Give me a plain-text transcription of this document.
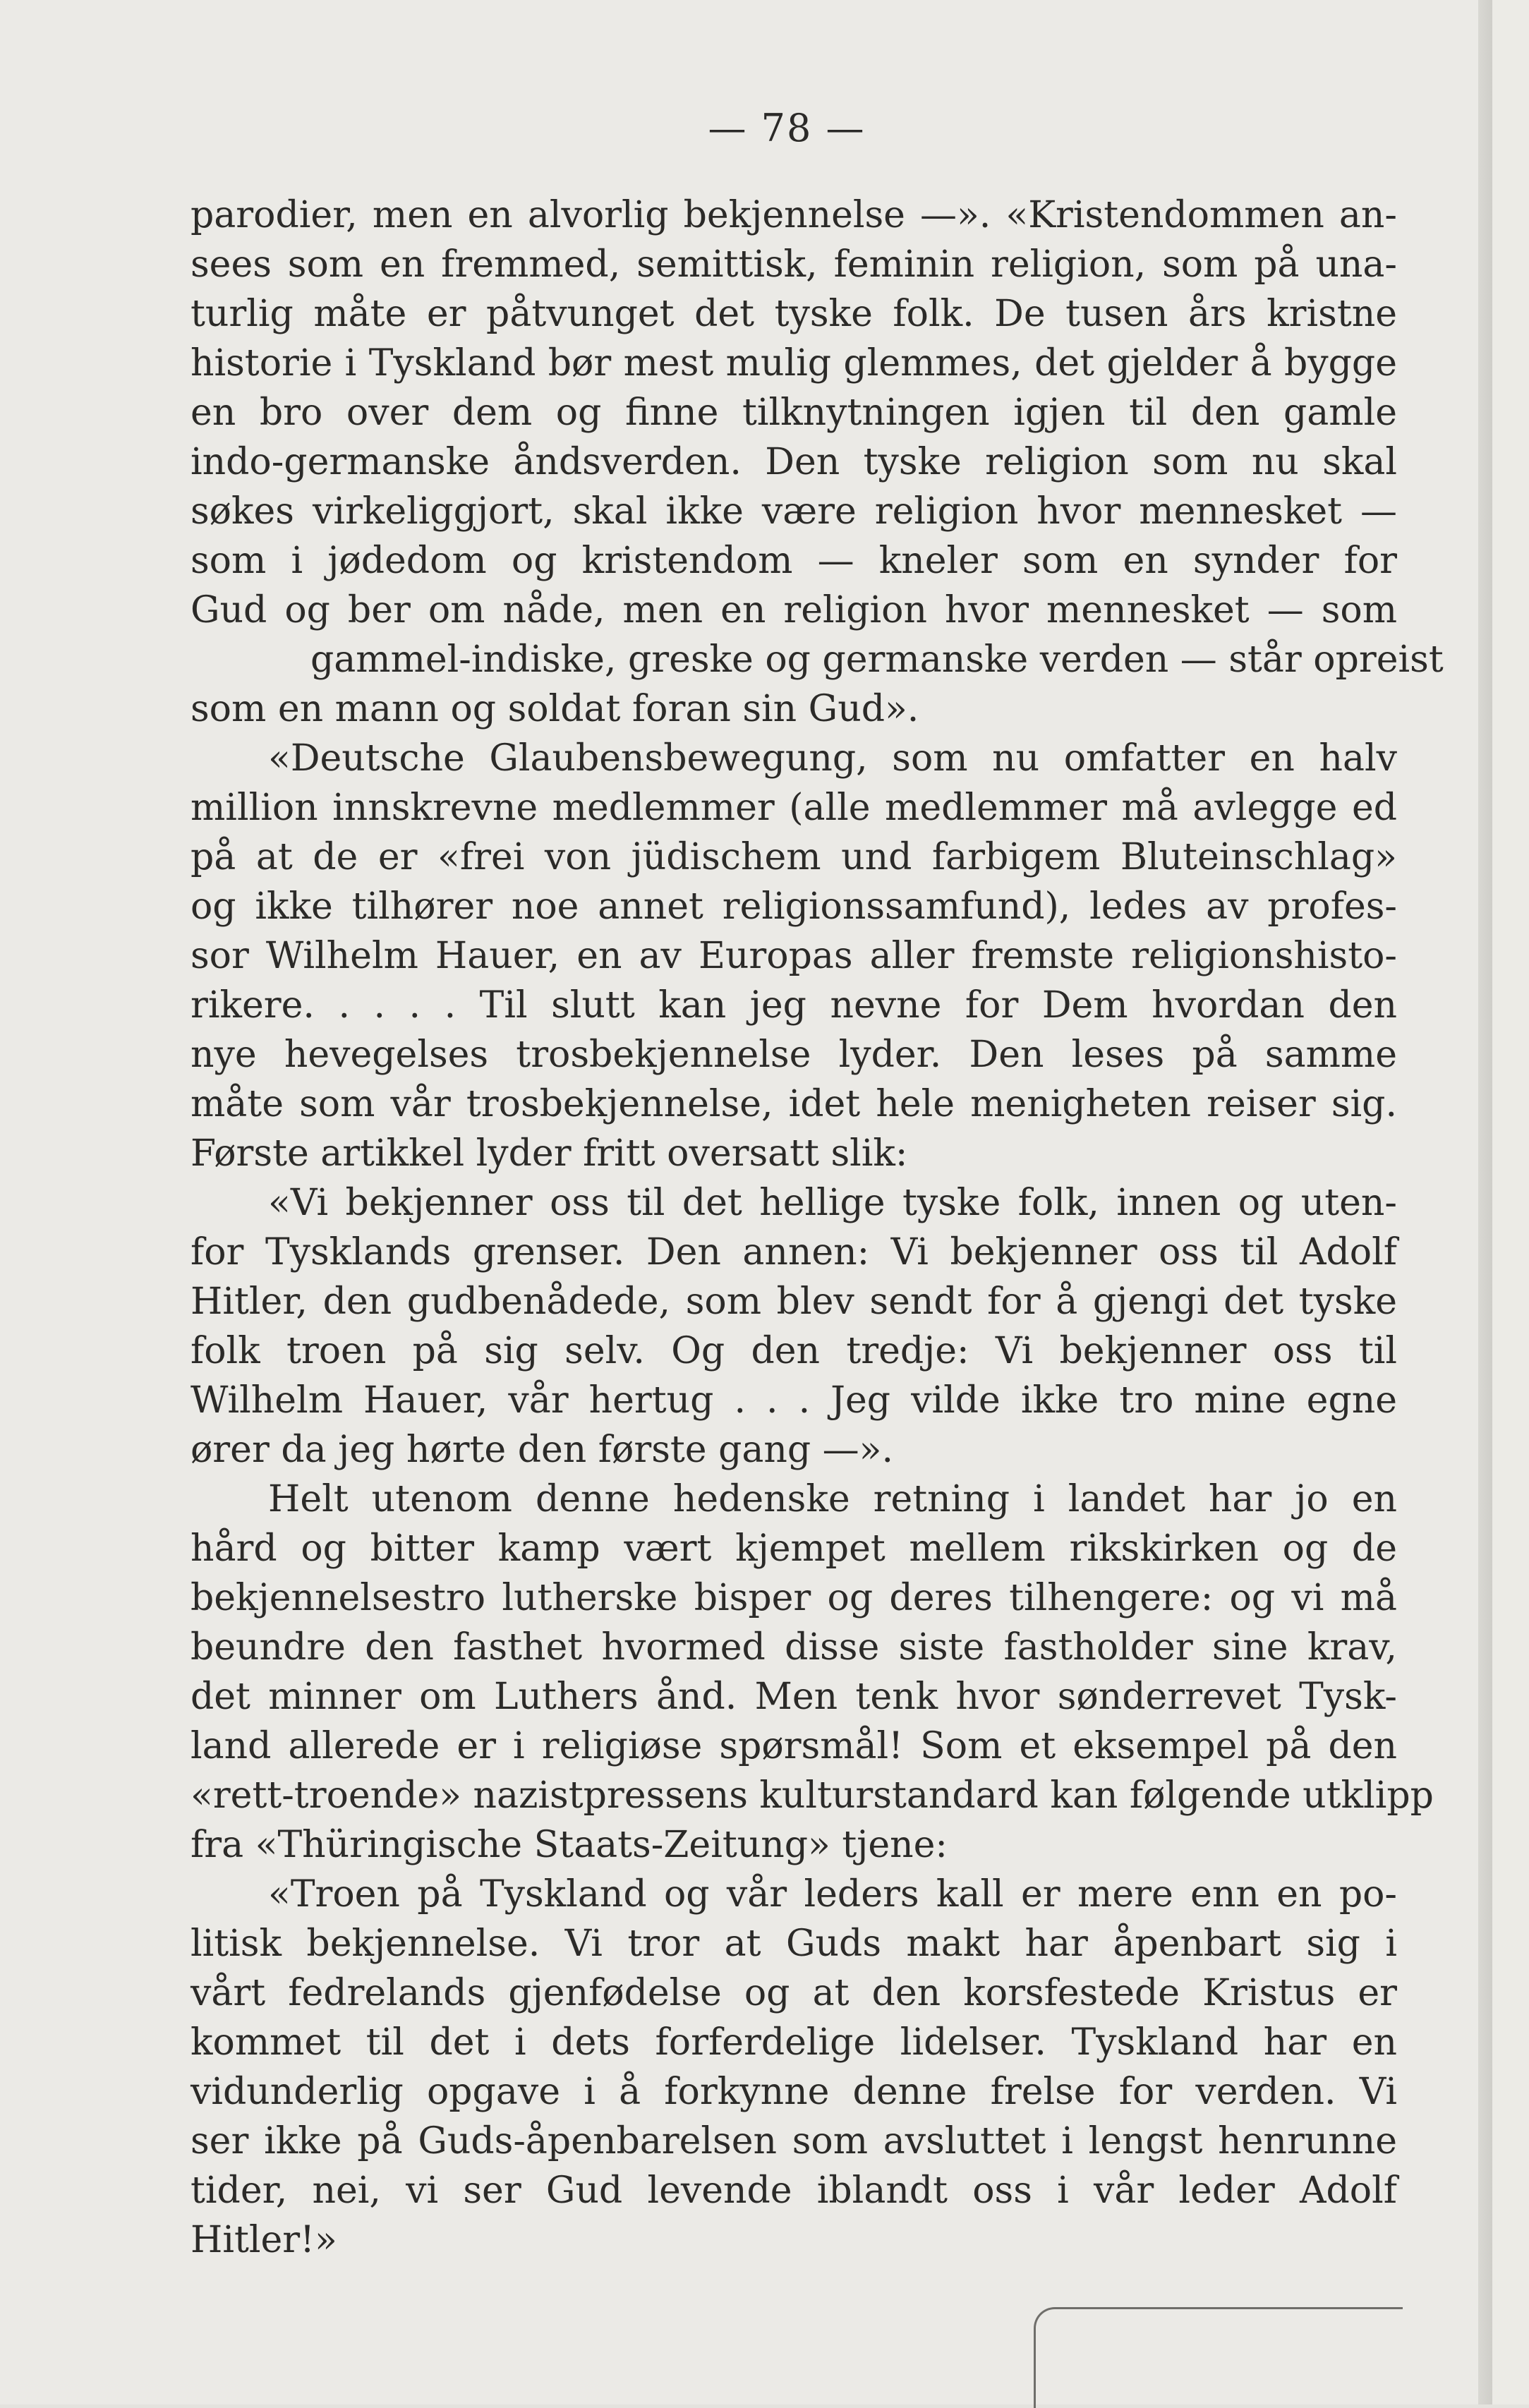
— 78 —
parodier, men en alvorlig bekjennelse —». «Kristendommen an-
sees som en fremmed, semittisk, feminin religion, som på una-
turlig måte er påtvunget det tyske folk. De tusen års kristne
historie i Tyskland bør mest mulig glemmes, det gjelder å bygge
en bro over dem og finne tilknytningen igjen til den gamle
indo-germanske åndsverden. Den tyske religion som nu skal
søkes virkeliggjort, skal ikke være religion hvor mennesket —
som i jødedom og kristendom — kneler som en synder for
Gud og ber om nåde, men en religion hvor mennesket — som
gammel-indiske, greske og germanske verden — står opreist
som en mann og soldat foran sin Gud».
«Deutsche Glaubensbewegung, som nu omfatter en halv
million innskrevne medlemmer (alle medlemmer må avlegge ed
på at de er «frei von jüdischem und farbigem Bluteinschlag»
og ikke tilhører noe annet religionssamfund), ledes av profes-
sor Wilhelm Hauer, en av Europas aller fremste religionshisto-
rikere. . . . . Til slutt kan jeg nevne for Dem hvordan den
nye hevegelses trosbekjennelse lyder. Den leses på samme
måte som vår trosbekjennelse, idet hele menigheten reiser sig.
Første artikkel lyder fritt oversatt slik:
«Vi bekjenner oss til det hellige tyske folk, innen og uten-
for Tysklands grenser. Den annen: Vi bekjenner oss til Adolf
Hitler, den gudbenådede, som blev sendt for å gjengi det tyske
folk troen på sig selv. Og den tredje: Vi bekjenner oss til
Wilhelm Hauer, vår hertug . . . Jeg vilde ikke tro mine egne
ører da jeg hørte den første gang —».
Helt utenom denne hedenske retning i landet har jo en
hård og bitter kamp vært kjempet mellem rikskirken og de
bekjennelsestro lutherske bisper og deres tilhengere: og vi må
beundre den fasthet hvormed disse siste fastholder sine krav,
det minner om Luthers ånd. Men tenk hvor sønderrevet Tysk-
land allerede er i religiøse spørsmål! Som et eksempel på den
«rett-troende» nazistpressens kulturstandard kan følgende utklipp
fra «Thüringische Staats-Zeitung» tjene:
«Troen på Tyskland og vår leders kall er mere enn en po-
litisk bekjennelse. Vi tror at Guds makt har åpenbart sig i
vårt fedrelands gjenfødelse og at den korsfestede Kristus er
kommet til det i dets forferdelige lidelser. Tyskland har en
vidunderlig opgave i å forkynne denne frelse for verden. Vi
ser ikke på Guds-åpenbarelsen som avsluttet i lengst henrunne
tider, nei, vi ser Gud levende iblandt oss i vår leder Adolf
Hitler!»
